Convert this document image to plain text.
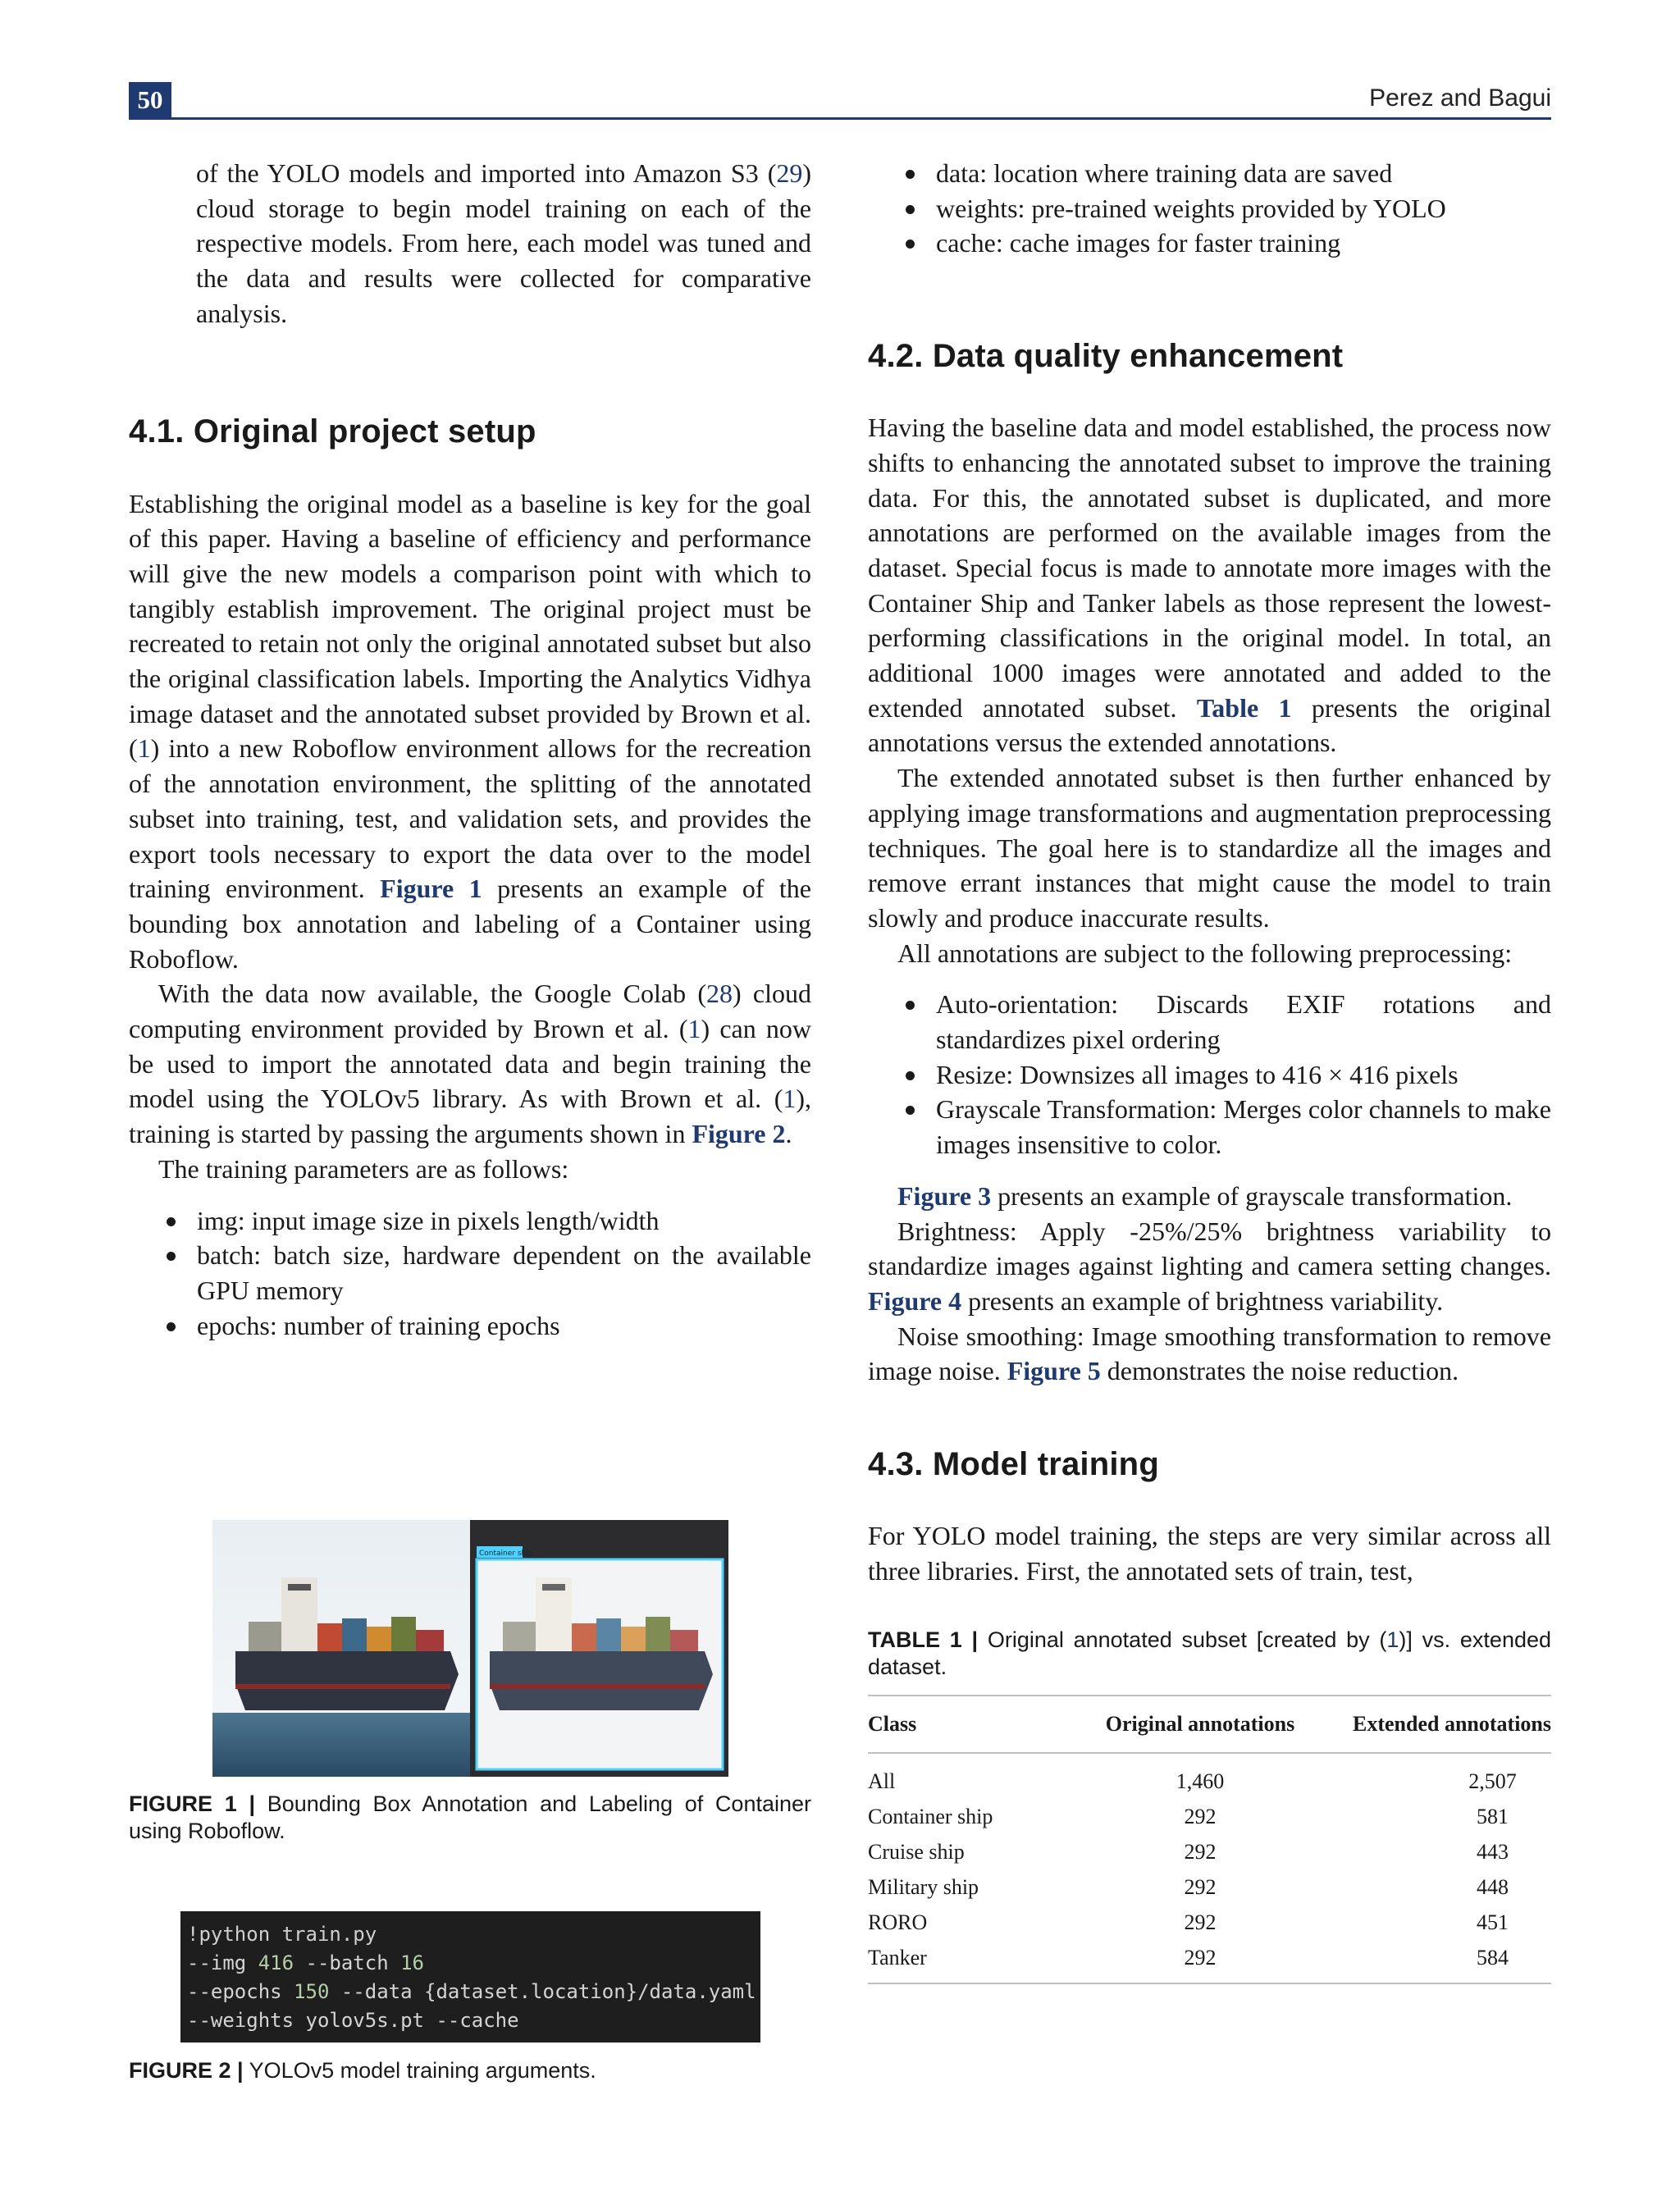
50	Perez and Bagui

of the YOLO models and imported into Amazon S3 (29) cloud storage to begin model training on each of the respective models. From here, each model was tuned and the data and results were collected for comparative analysis.

4.1. Original project setup

Establishing the original model as a baseline is key for the goal of this paper. Having a baseline of efficiency and performance will give the new models a comparison point with which to tangibly establish improvement. The original project must be recreated to retain not only the original annotated subset but also the original classification labels. Importing the Analytics Vidhya image dataset and the annotated subset provided by Brown et al. (1) into a new Roboflow environment allows for the recreation of the annotation environment, the splitting of the annotated subset into training, test, and validation sets, and provides the export tools necessary to export the data over to the model training environment. Figure 1 presents an example of the bounding box annotation and labeling of a Container using Roboflow.

With the data now available, the Google Colab (28) cloud computing environment provided by Brown et al. (1) can now be used to import the annotated data and begin training the model using the YOLOv5 library. As with Brown et al. (1), training is started by passing the arguments shown in Figure 2.

The training parameters are as follows:

img: input image size in pixels length/width
batch: batch size, hardware dependent on the available GPU memory
epochs: number of training epochs
Container ship
FIGURE 1 | Bounding Box Annotation and Labeling of Container using Roboflow.
!python train.py
--img 416 --batch 16
--epochs 150 --data {dataset.location}/data.yaml
--weights yolov5s.pt --cache
FIGURE 2 | YOLOv5 model training arguments.
data: location where training data are saved
weights: pre-trained weights provided by YOLO
cache: cache images for faster training
4.2. Data quality enhancement

Having the baseline data and model established, the process now shifts to enhancing the annotated subset to improve the training data. For this, the annotated subset is duplicated, and more annotations are performed on the available images from the dataset. Special focus is made to annotate more images with the Container Ship and Tanker labels as those represent the lowest-performing classifications in the original model. In total, an additional 1000 images were annotated and added to the extended annotated subset. Table 1 presents the original annotations versus the extended annotations.

The extended annotated subset is then further enhanced by applying image transformations and augmentation preprocessing techniques. The goal here is to standardize all the images and remove errant instances that might cause the model to train slowly and produce inaccurate results.

All annotations are subject to the following preprocessing:

Auto-orientation: Discards EXIF rotations and standardizes pixel ordering
Resize: Downsizes all images to 416 × 416 pixels
Grayscale Transformation: Merges color channels to make images insensitive to color.

Figure 3 presents an example of grayscale transformation.

Brightness: Apply -25%/25% brightness variability to standardize images against lighting and camera setting changes. Figure 4 presents an example of brightness variability.

Noise smoothing: Image smoothing transformation to remove image noise. Figure 5 demonstrates the noise reduction.

4.3. Model training

For YOLO model training, the steps are very similar across all three libraries. First, the annotated sets of train, test,

TABLE 1 | Original annotated subset [created by (1)] vs. extended dataset.
Class	Original annotations	Extended annotations

All	1,460	2,507
Container ship	292	581
Cruise ship	292	443
Military ship	292	448
RORO	292	451
Tanker	292	584
